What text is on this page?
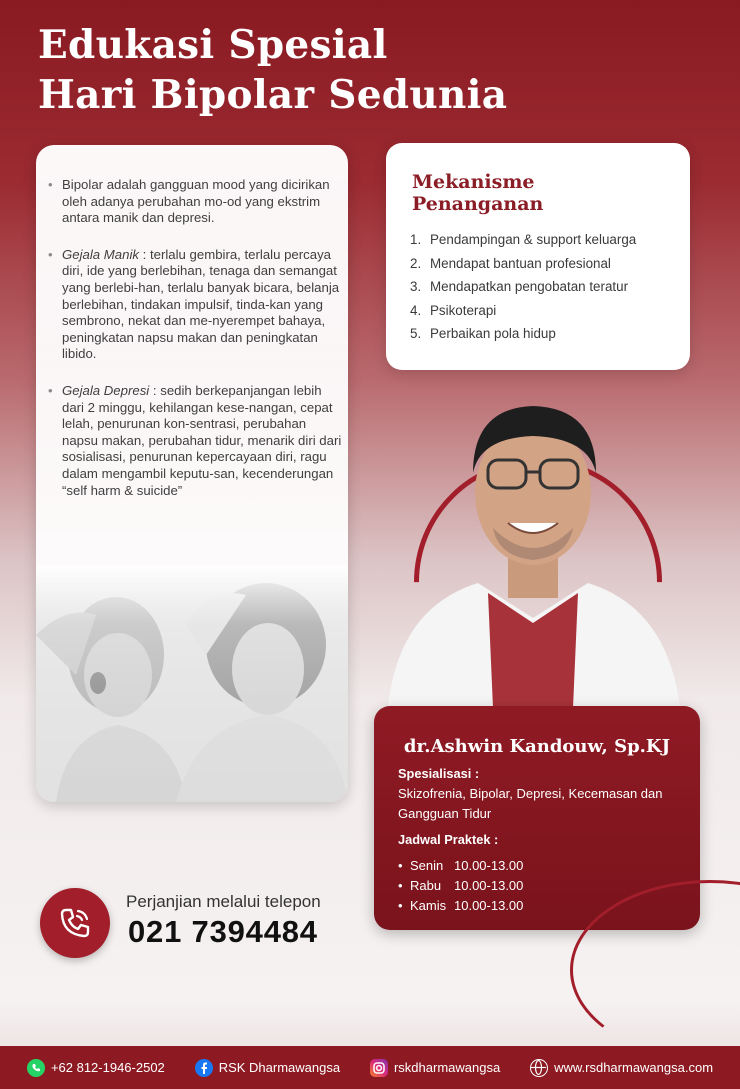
Edukasi Spesial
Hari Bipolar Sedunia
• Bipolar adalah gangguan mood yang dicirikan oleh adanya perubahan mo-od yang ekstrim antara manik dan depresi.
• Gejala Manik : terlalu gembira, terlalu percaya diri, ide yang berlebihan, tenaga dan semangat yang berlebi-han, terlalu banyak bicara, belanja berlebihan, tindakan impulsif, tinda-kan yang sembrono, nekat dan me-nyerempet bahaya, peningkatan napsu makan dan peningkatan libido.
• Gejala Depresi : sedih berkepanjangan lebih dari 2 minggu, kehilangan kese-nangan, cepat lelah, penurunan kon-sentrasi, perubahan napsu makan, perubahan tidur, menarik diri dari sosialisasi, penurunan kepercayaan diri, ragu dalam mengambil keputu-san, kecenderungan “self harm & suicide”
Mekanisme
Penanganan
1. Pendampingan & support keluarga
2. Mendapat bantuan profesional
3. Mendapatkan pengobatan teratur
4. Psikoterapi
5. Perbaikan pola hidup
dr.Ashwin Kandouw, Sp.KJ
Spesialisasi :
Skizofrenia, Bipolar, Depresi, Kecemasan dan Gangguan Tidur
Jadwal Praktek :
• Senin 10.00-13.00
• Rabu 10.00-13.00
• Kamis 10.00-13.00
Perjanjian melalui telepon
021 7394484
+62 812-1946-2502	RSK Dharmawangsa	rskdharmawangsa	www.rsdharmawangsa.com
